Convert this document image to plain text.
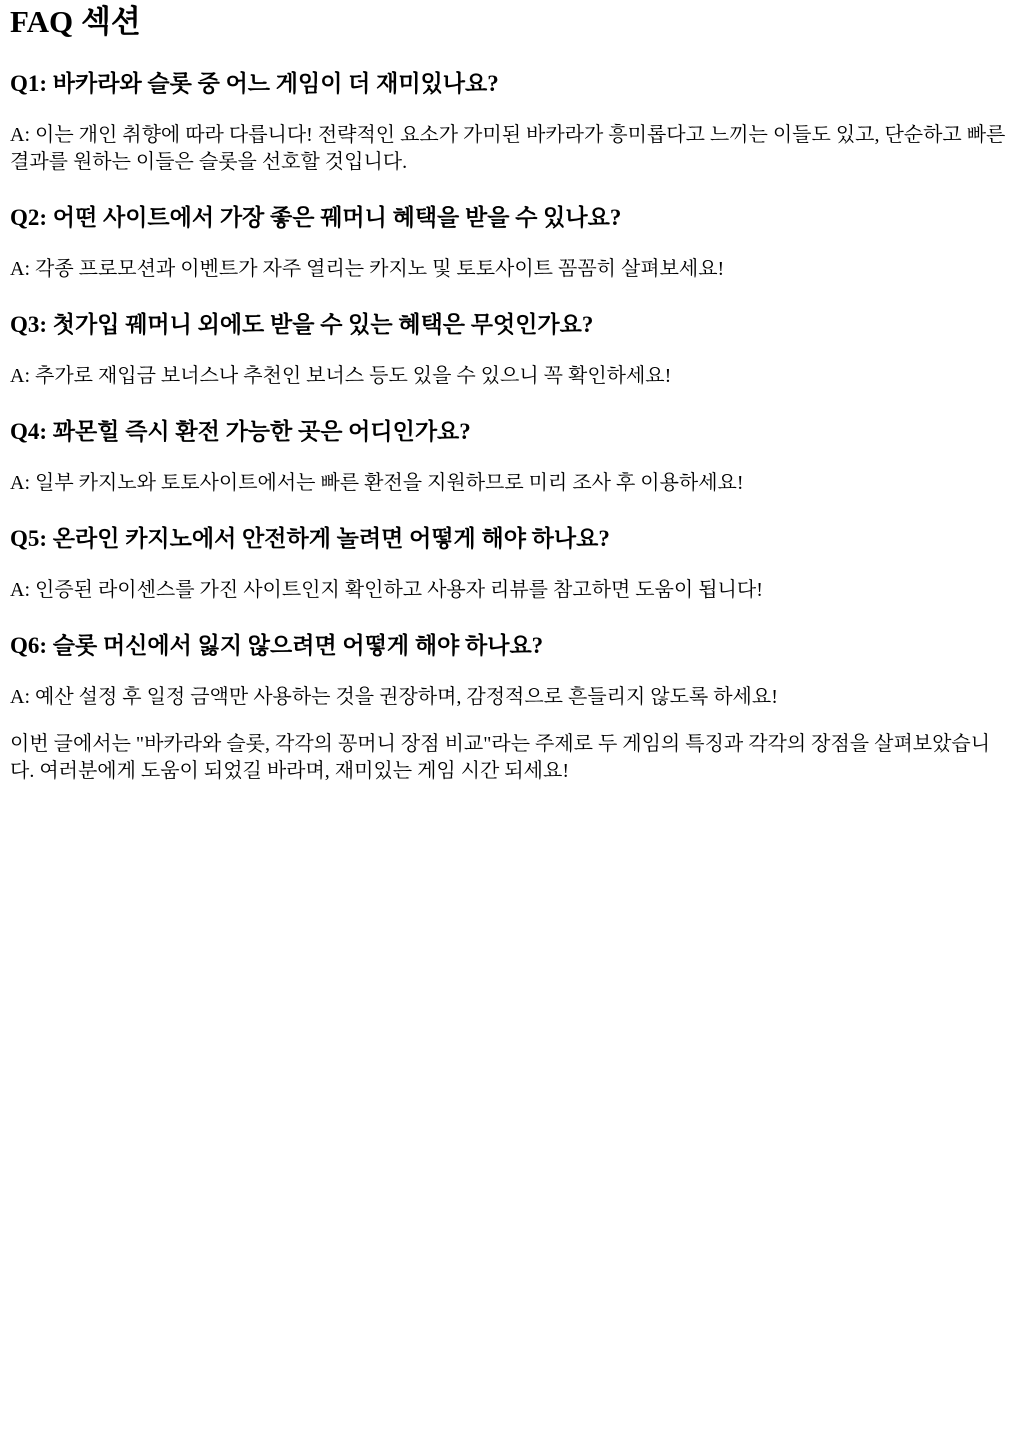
FAQ 섹션
Q1: 바카라와 슬롯 중 어느 게임이 더 재미있나요?

A: 이는 개인 취향에 따라 다릅니다! 전략적인 요소가 가미된 바카라가 흥미롭다고 느끼는 이들도 있고, 단순하고 빠른 결과를 원하는 이들은 슬롯을 선호할 것입니다.

Q2: 어떤 사이트에서 가장 좋은 꿰머니 혜택을 받을 수 있나요?

A: 각종 프로모션과 이벤트가 자주 열리는 카지노 및 토토사이트 꼼꼼히 살펴보세요!

Q3: 첫가입 꿰머니 외에도 받을 수 있는 혜택은 무엇인가요?

A: 추가로 재입금 보너스나 추천인 보너스 등도 있을 수 있으니 꼭 확인하세요!

Q4: 꽈몬힐 즉시 환전 가능한 곳은 어디인가요?

A: 일부 카지노와 토토사이트에서는 빠른 환전을 지원하므로 미리 조사 후 이용하세요!

Q5: 온라인 카지노에서 안전하게 놀려면 어떻게 해야 하나요?

A: 인증된 라이센스를 가진 사이트인지 확인하고 사용자 리뷰를 참고하면 도움이 됩니다!

Q6: 슬롯 머신에서 잃지 않으려면 어떻게 해야 하나요?

A: 예산 설정 후 일정 금액만 사용하는 것을 권장하며, 감정적으로 흔들리지 않도록 하세요!

이번 글에서는 "바카라와 슬롯, 각각의 꽁머니 장점 비교"라는 주제로 두 게임의 특징과 각각의 장점을 살펴보았습니다. 여러분에게 도움이 되었길 바라며, 재미있는 게임 시간 되세요!
